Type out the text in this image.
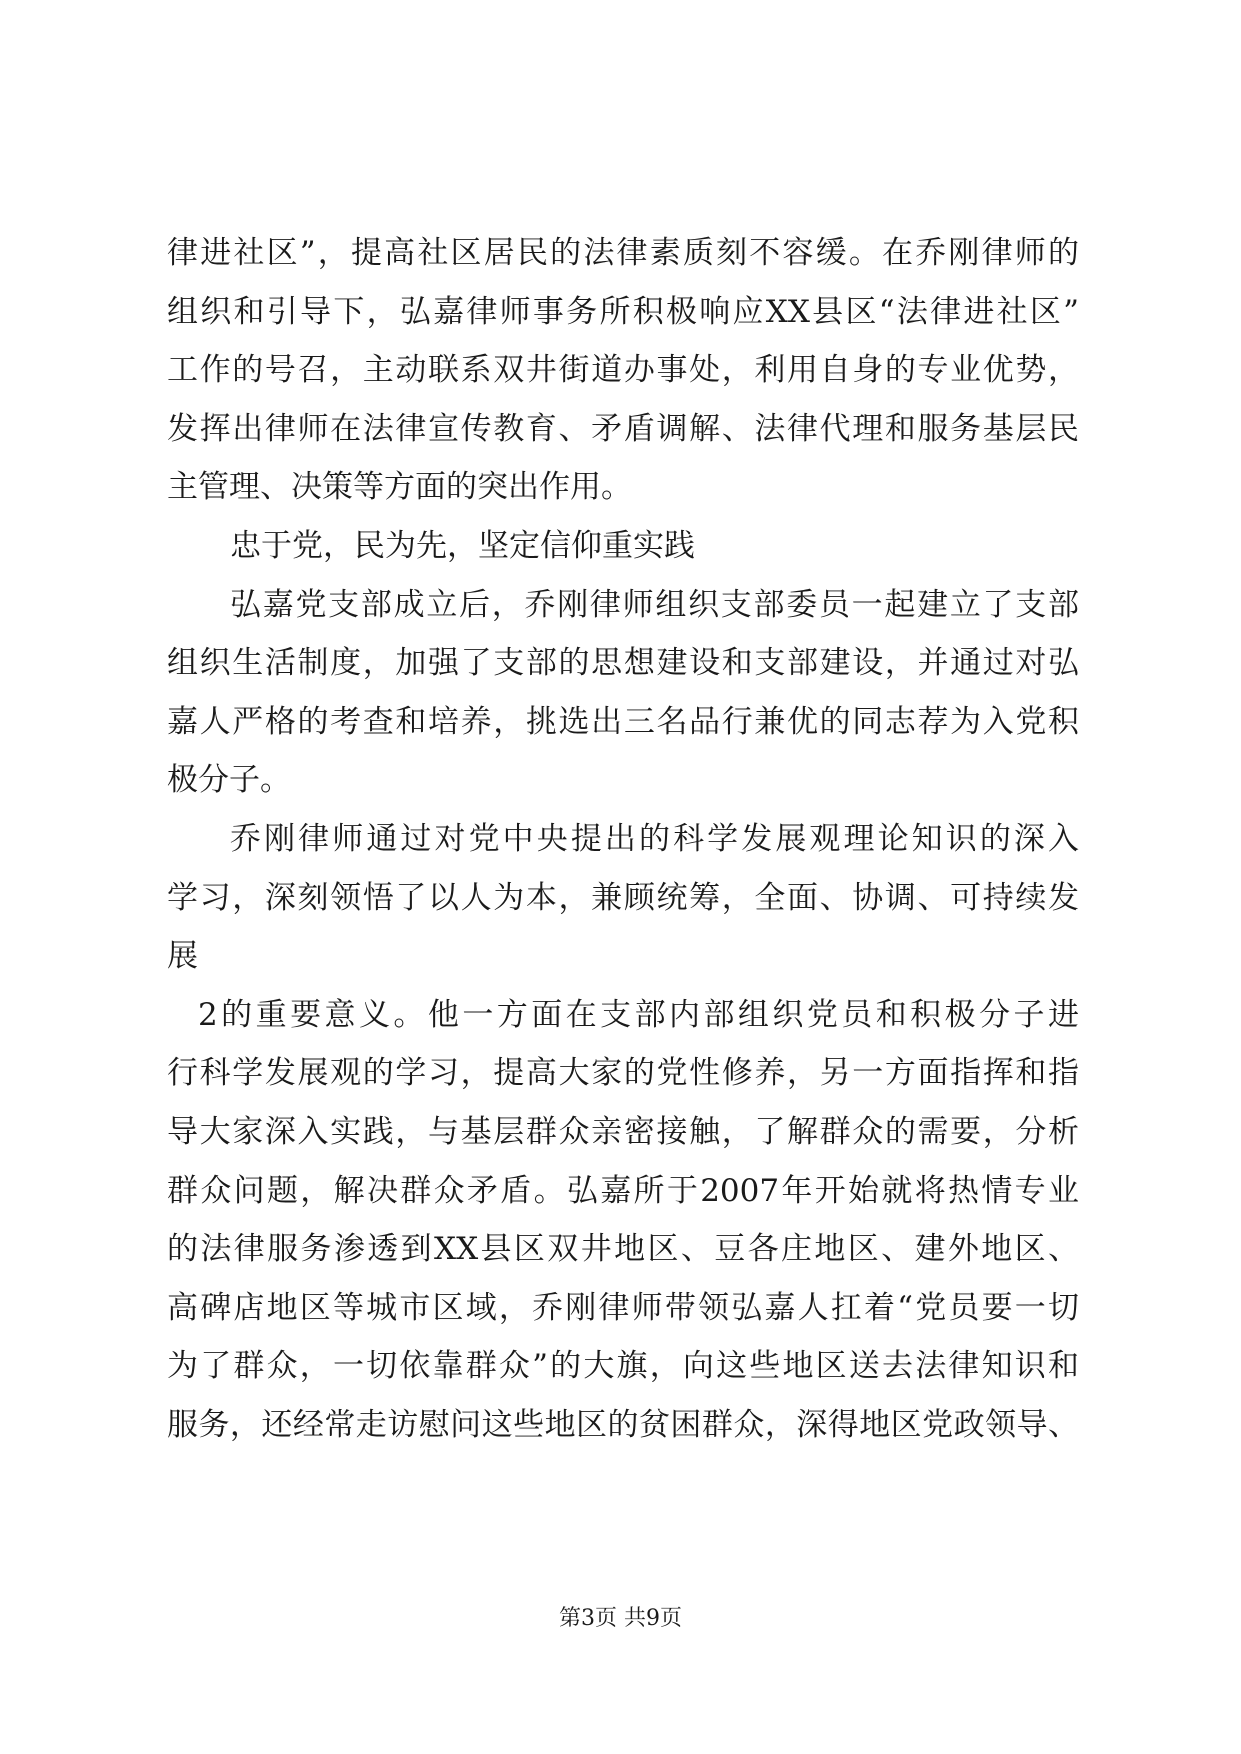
律进社区”，提高社区居民的法律素质刻不容缓。在乔刚律师的
组织和引导下，弘嘉律师事务所积极响应XX县区“法律进社区”
工作的号召，主动联系双井街道办事处，利用自身的专业优势，
发挥出律师在法律宣传教育、矛盾调解、法律代理和服务基层民
主管理、决策等方面的突出作用。
忠于党，民为先，坚定信仰重实践
弘嘉党支部成立后，乔刚律师组织支部委员一起建立了支部
组织生活制度，加强了支部的思想建设和支部建设，并通过对弘
嘉人严格的考查和培养，挑选出三名品行兼优的同志荐为入党积
极分子。
乔刚律师通过对党中央提出的科学发展观理论知识的深入
学习，深刻领悟了以人为本，兼顾统筹，全面、协调、可持续发
展
2的重要意义。他一方面在支部内部组织党员和积极分子进
行科学发展观的学习，提高大家的党性修养，另一方面指挥和指
导大家深入实践，与基层群众亲密接触，了解群众的需要，分析
群众问题，解决群众矛盾。弘嘉所于2007年开始就将热情专业
的法律服务渗透到XX县区双井地区、豆各庄地区、建外地区、
高碑店地区等城市区域，乔刚律师带领弘嘉人扛着“党员要一切
为了群众，一切依靠群众”的大旗，向这些地区送去法律知识和
服务，还经常走访慰问这些地区的贫困群众，深得地区党政领导、
第3页 共9页
